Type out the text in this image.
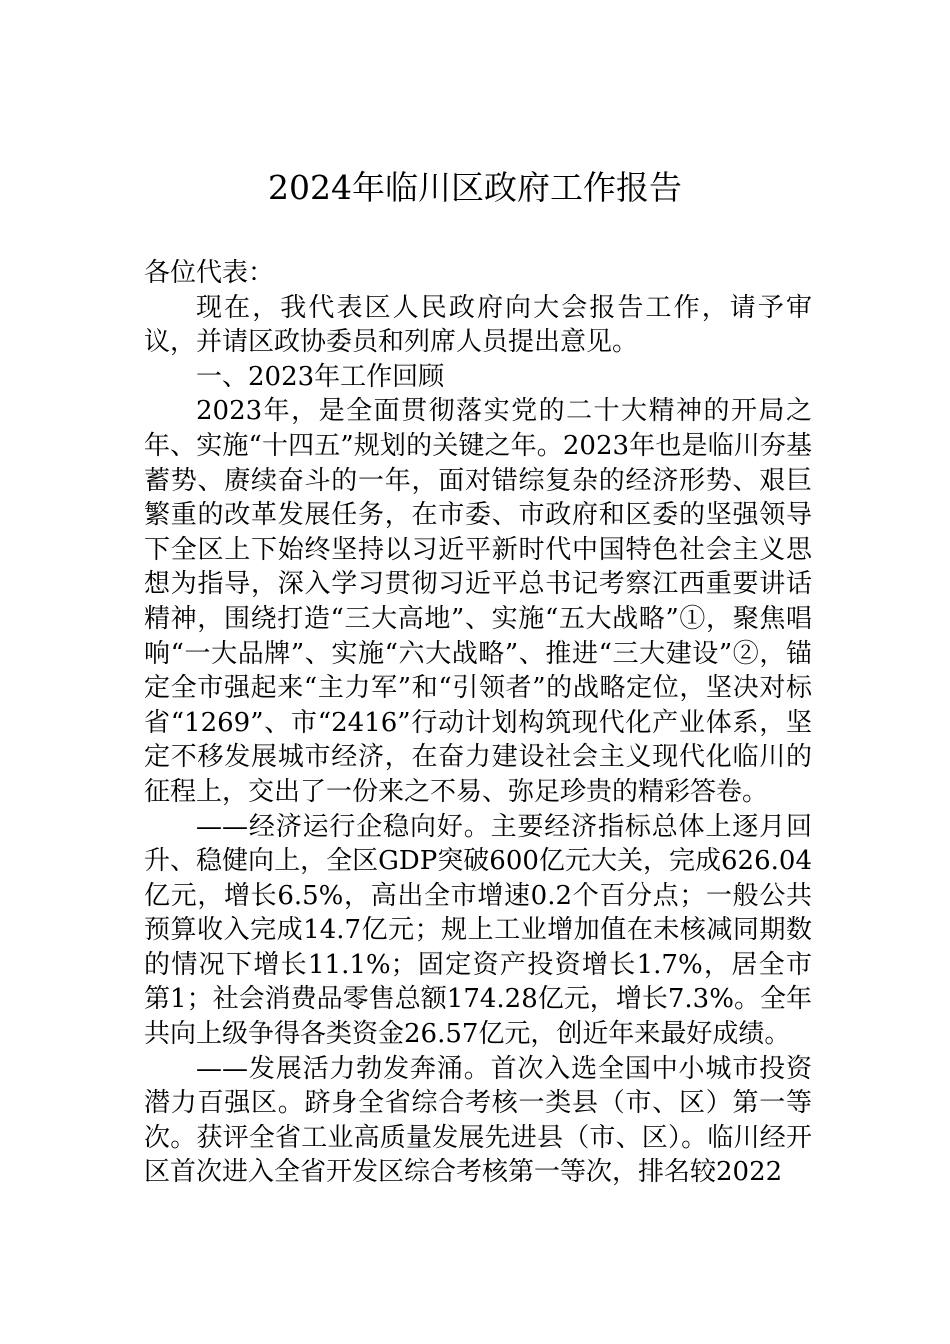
2024年临川区政府工作报告

各位代表：

现在，我代表区人民政府向大会报告工作，请予审议，并请区政协委员和列席人员提出意见。

一、2023年工作回顾

2023年，是全面贯彻落实党的二十大精神的开局之年、实施“十四五”规划的关键之年。2023年也是临川夯基蓄势、赓续奋斗的一年，面对错综复杂的经济形势、艰巨繁重的改革发展任务，在市委、市政府和区委的坚强领导下全区上下始终坚持以习近平新时代中国特色社会主义思想为指导，深入学习贯彻习近平总书记考察江西重要讲话精神，围绕打造“三大高地”、实施“五大战略”①，聚焦唱响“一大品牌”、实施“六大战略”、推进“三大建设”②，锚定全市强起来“主力军”和“引领者”的战略定位，坚决对标省“1269”、市“2416”行动计划构筑现代化产业体系，坚定不移发展城市经济，在奋力建设社会主义现代化临川的征程上，交出了一份来之不易、弥足珍贵的精彩答卷。

——经济运行企稳向好。主要经济指标总体上逐月回升、稳健向上，全区GDP突破600亿元大关，完成626.04亿元，增长6.5%，高出全市增速0.2个百分点；一般公共预算收入完成14.7亿元；规上工业增加值在未核减同期数的情况下增长11.1%；固定资产投资增长1.7%，居全市第1；社会消费品零售总额174.28亿元，增长7.3%。全年共向上级争得各类资金26.57亿元，创近年来最好成绩。

——发展活力勃发奔涌。首次入选全国中小城市投资潜力百强区。跻身全省综合考核一类县（市、区）第一等次。获评全省工业高质量发展先进县（市、区）。临川经开区首次进入全省开发区综合考核第一等次，排名较2022
